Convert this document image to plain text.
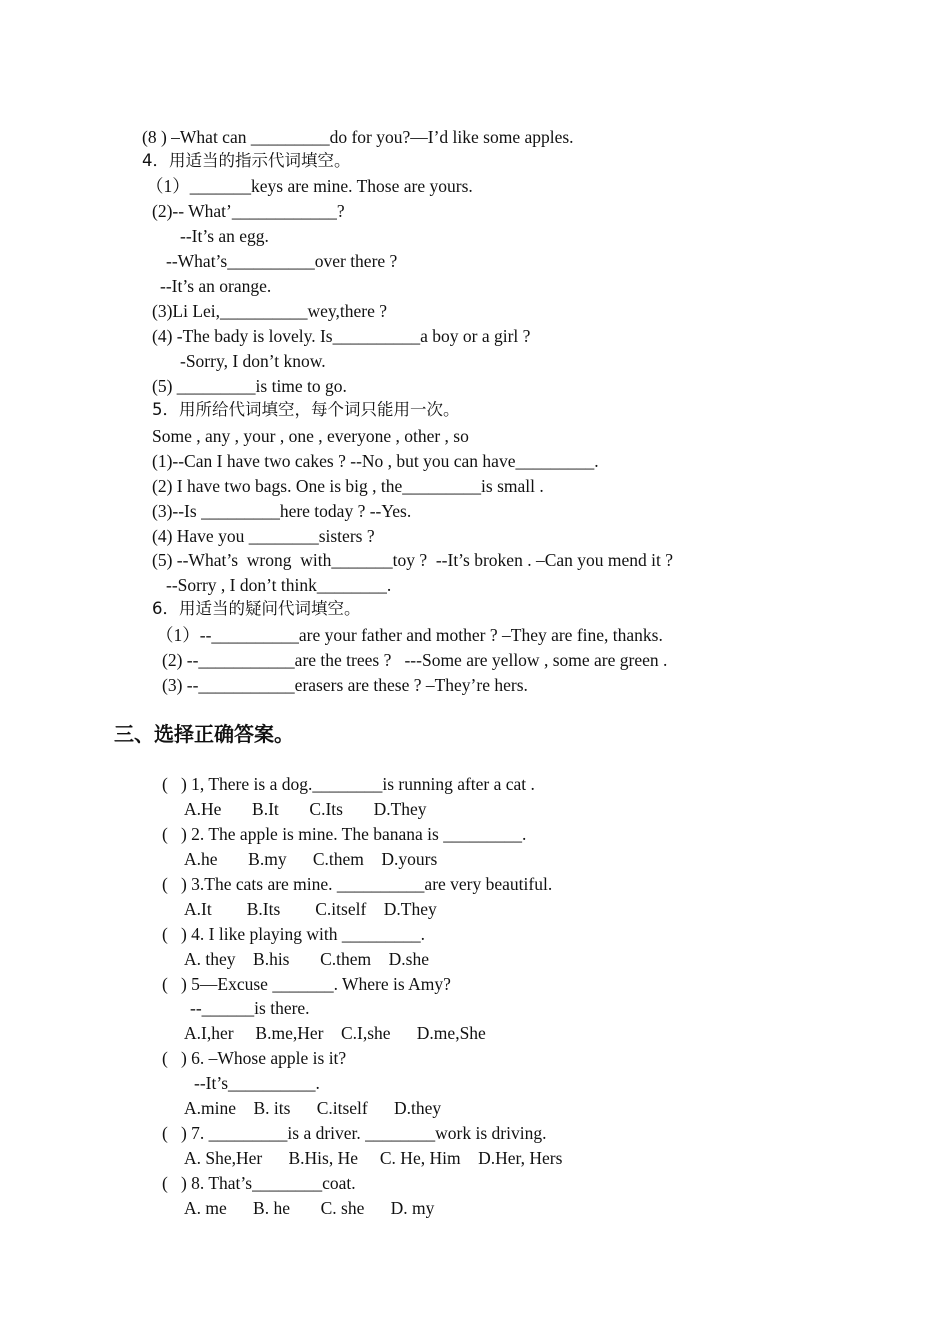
(8 ) –What can _________do for you?—I’d like some apples.
4．用适当的指示代词填空。
（1）_______keys are mine. Those are yours.
(2)-- What’____________?
--It’s an egg.
--What’s__________over there ?
--It’s an orange.
(3)Li Lei,__________wey,there ?
(4) -The bady is lovely. Is__________a boy or a girl ?
-Sorry, I don’t know.
(5) _________is time to go.
5．用所给代词填空，每个词只能用一次。
Some , any , your , one , everyone , other , so
(1)--Can I have two cakes ? --No , but you can have_________.
(2) I have two bags. One is big , the_________is small .
(3)--Is _________here today ? --Yes.
(4) Have you ________sisters ?
(5) --What’s  wrong  with_______toy ?  --It’s broken . –Can you mend it ?
--Sorry , I don’t think________.
6．用适当的疑问代词填空。
（1）--__________are your father and mother ? –They are fine, thanks.
(2) --___________are the trees ?   ---Some are yellow , some are green .
(3) --___________erasers are these ? –They’re hers.
三、选择正确答案。
(   ) 1, There is a dog.________is running after a cat .
A.He       B.It       C.Its       D.They
(   ) 2. The apple is mine. The banana is _________.
A.he       B.my      C.them    D.yours
(   ) 3.The cats are mine. __________are very beautiful.
A.It        B.Its        C.itself    D.They
(   ) 4. I like playing with _________.
A. they    B.his       C.them    D.she
(   ) 5—Excuse _______. Where is Amy?
--______is there.
A.I,her     B.me,Her    C.I,she      D.me,She
(   ) 6. –Whose apple is it?
--It’s__________.
A.mine    B. its      C.itself      D.they
(   ) 7. _________is a driver. ________work is driving.
A. She,Her      B.His, He     C. He, Him    D.Her, Hers
(   ) 8. That’s________coat.
A. me      B. he       C. she      D. my
